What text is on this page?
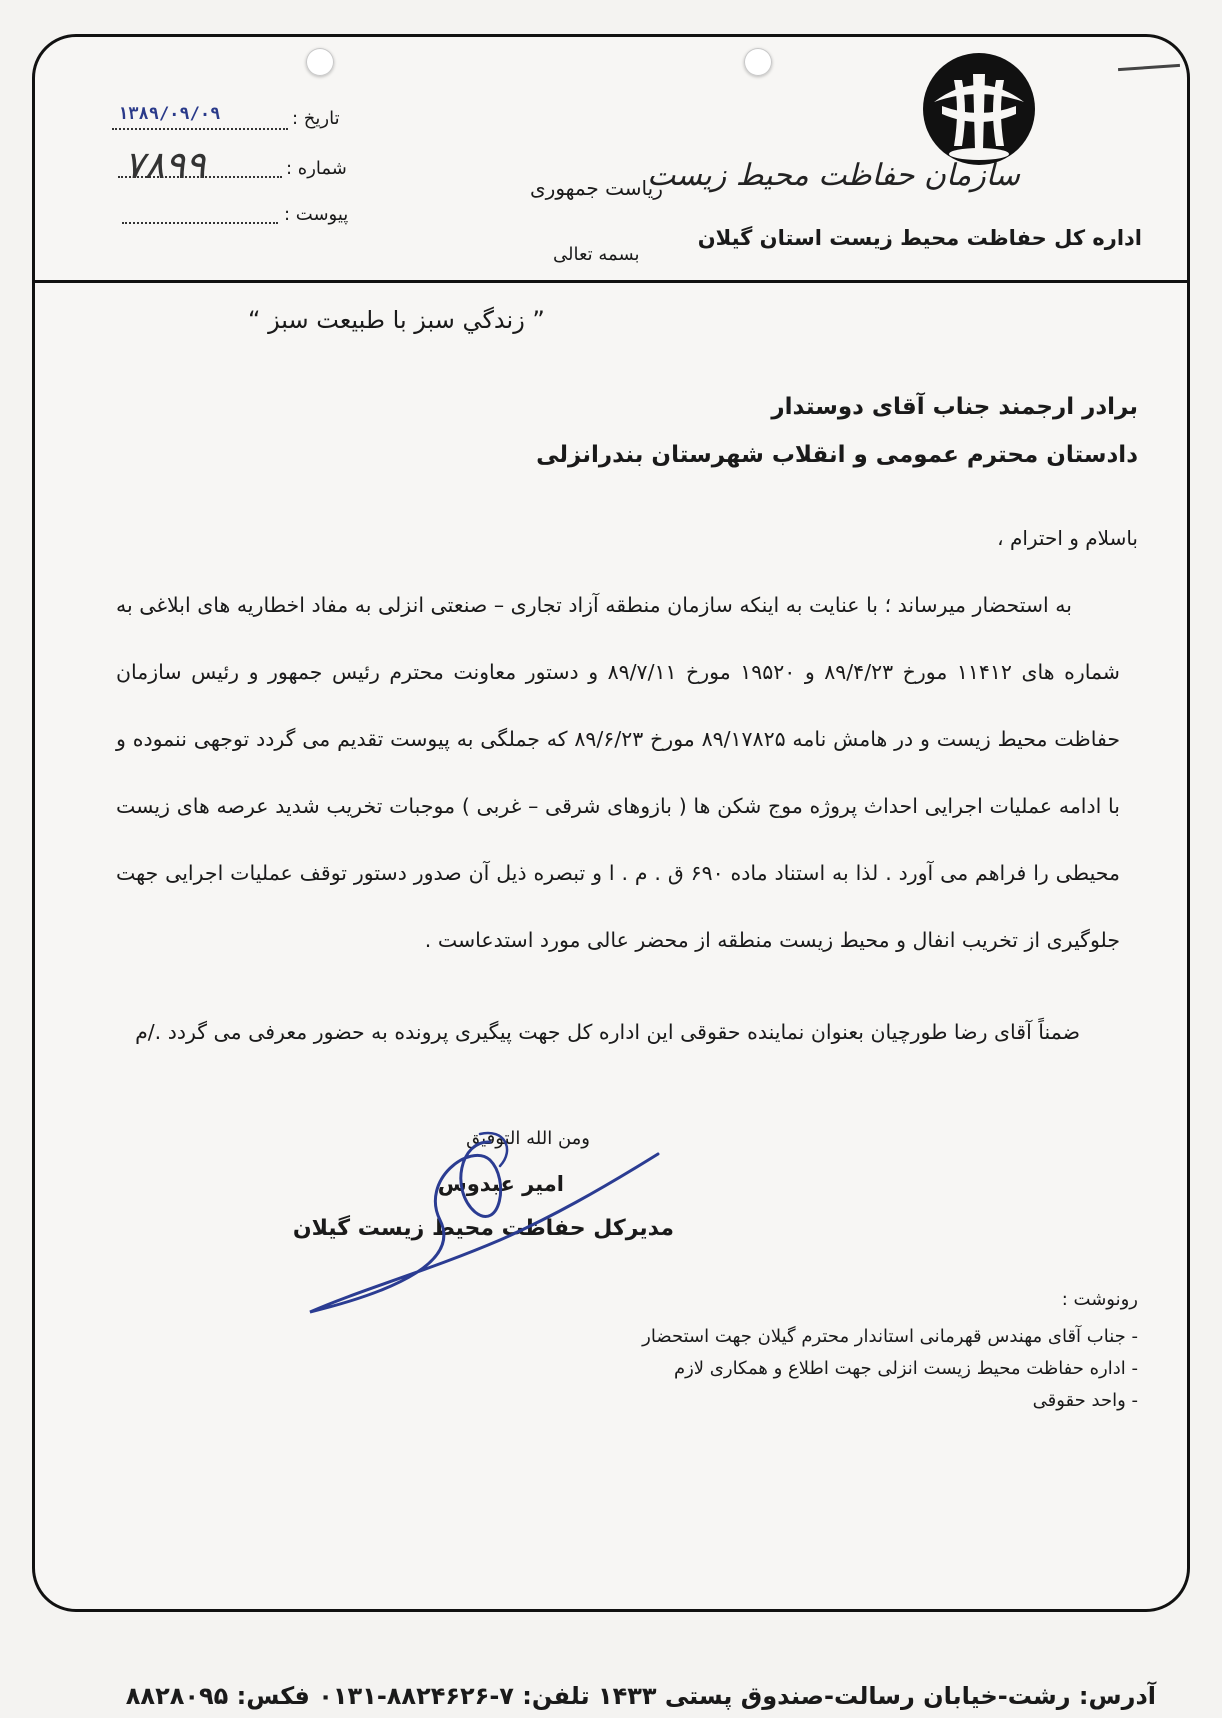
سازمان حفاظت محیط زیست
اداره کل حفاظت محیط زیست استان گیلان
ریاست جمهوری
بسمه تعالی
تاریخ :
۱۳۸۹/۰۹/۰۹
شماره :
۷۸۹۹
پیوست :
” زندگي سبز با طبيعت سبز “
برادر ارجمند جناب آقای دوستدار
دادستان محترم عمومی و انقلاب شهرستان بندرانزلی
باسلام و احترام ،

به استحضار میرساند ؛ با عنایت به اینکه سازمان منطقه آزاد تجاری – صنعتی انزلی به مفاد اخطاریه های ابلاغی به شماره های ۱۱۴۱۲ مورخ ۸۹/۴/۲۳ و ۱۹۵۲۰ مورخ ۸۹/۷/۱۱ و دستور معاونت محترم رئیس جمهور و رئیس سازمان حفاظت محیط زیست و در هامش نامه ۸۹/۱۷۸۲۵ مورخ ۸۹/۶/۲۳ که جملگی به پیوست تقدیم می گردد توجهی ننموده و با ادامه عملیات اجرایی احداث پروژه موج شکن ها ( بازوهای شرقی – غربی ) موجبات تخریب شدید عرصه های زیست محیطی را فراهم می آورد . لذا به استناد ماده ۶۹۰ ق . م . ا و تبصره ذیل آن صدور دستور توقف عملیات اجرایی جهت جلوگیری از تخریب انفال و محیط زیست منطقه از محضر عالی مورد استدعاست .

ضمناً آقای رضا طورچیان بعنوان نماینده حقوقی این اداره کل جهت پیگیری پرونده به حضور معرفی می گردد ./م

ومن الله التوفیق
امیر عبدوس
مدیرکل حفاظت محیط زیست گیلان
رونوشت :
- جناب آقای مهندس قهرمانی استاندار محترم گیلان جهت استحضار
- اداره حفاظت محیط زیست انزلی جهت اطلاع و همکاری لازم
- واحد حقوقی
آدرس: رشت-خیابان رسالت-صندوق پستی ۱۴۳۳ تلفن: ۷-۸۸۲۴۶۲۶-۰۱۳۱ فکس: ۸۸۲۸۰۹۵
